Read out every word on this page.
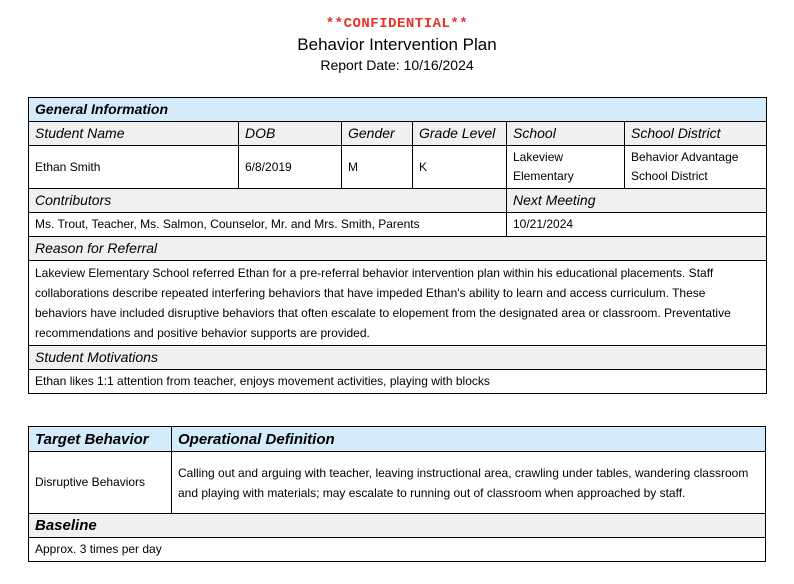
**CONFIDENTIAL**
Behavior Intervention Plan
Report Date: 10/16/2024
General Information					
Student Name	DOB	Gender	Grade Level	School	School District
Ethan Smith	6/8/2019	M	K	Lakeview Elementary	Behavior Advantage School District
Contributors				Next Meeting	
Ms. Trout, Teacher, Ms. Salmon, Counselor, Mr. and Mrs. Smith, Parents				10/21/2024	
Reason for Referral					
Lakeview Elementary School referred Ethan for a pre-referral behavior intervention plan within his educational placements. Staff collaborations describe repeated interfering behaviors that have impeded Ethan's ability to learn and access curriculum. These behaviors have included disruptive behaviors that often escalate to elopement from the designated area or classroom. Preventative recommendations and positive behavior supports are provided.					
Student Motivations					
Ethan likes 1:1 attention from teacher, enjoys movement activities, playing with blocks					
Target Behavior	Operational Definition
Disruptive Behaviors	Calling out and arguing with teacher, leaving instructional area, crawling under tables, wandering classroom and playing with materials; may escalate to running out of classroom when approached by staff.
Baseline	
Approx. 3 times per day	
